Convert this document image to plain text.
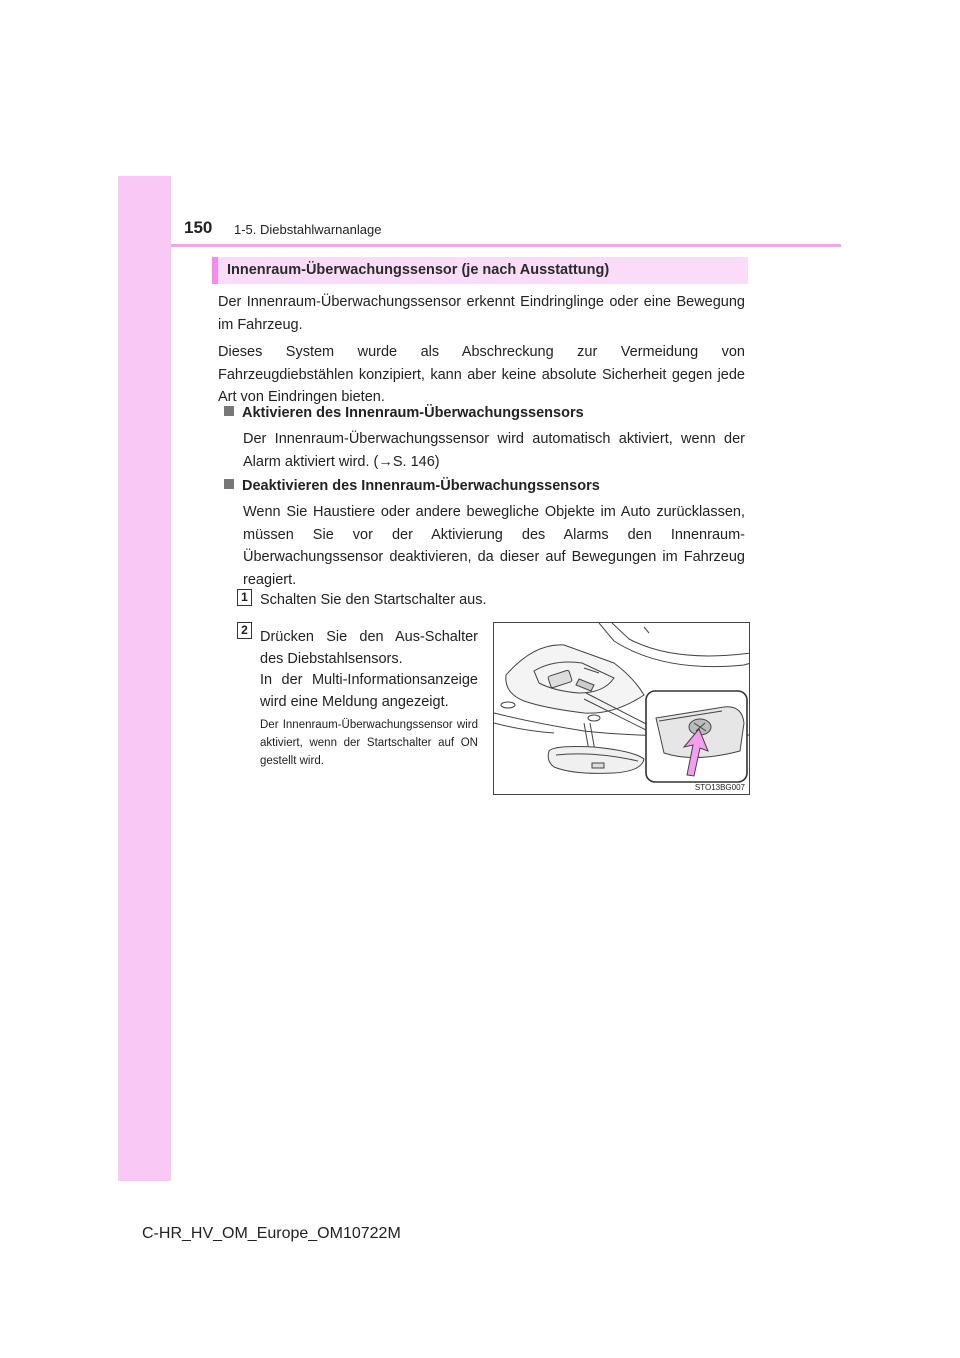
150 1-5. Diebstahlwarnanlage
Innenraum-Überwachungssensor (je nach Ausstattung)

Der Innenraum-Überwachungssensor erkennt Eindringlinge oder eine Bewegung im Fahrzeug.

Dieses System wurde als Abschreckung zur Vermeidung von Fahrzeugdiebstählen konzipiert, kann aber keine absolute Sicherheit gegen jede Art von Eindringen bieten.

Aktivieren des Innenraum-Überwachungssensors

Der Innenraum-Überwachungssensor wird automatisch aktiviert, wenn der Alarm aktiviert wird. (→S. 146)

Deaktivieren des Innenraum-Überwachungssensors

Wenn Sie Haustiere oder andere bewegliche Objekte im Auto zurücklassen, müssen Sie vor der Aktivierung des Alarms den Innenraum-Überwachungssensor deaktivieren, da dieser auf Bewegungen im Fahrzeug reagiert.

1 Schalten Sie den Startschalter aus.
2 Drücken Sie den Aus-Schalter
des Diebstahlsensors.
In der Multi-Informationsanzeige
wird eine Meldung angezeigt.

Der Innenraum-Überwachungssensor wird aktiviert, wenn der Startschalter auf ON gestellt wird.

STO13BG007
C-HR_HV_OM_Europe_OM10722M
